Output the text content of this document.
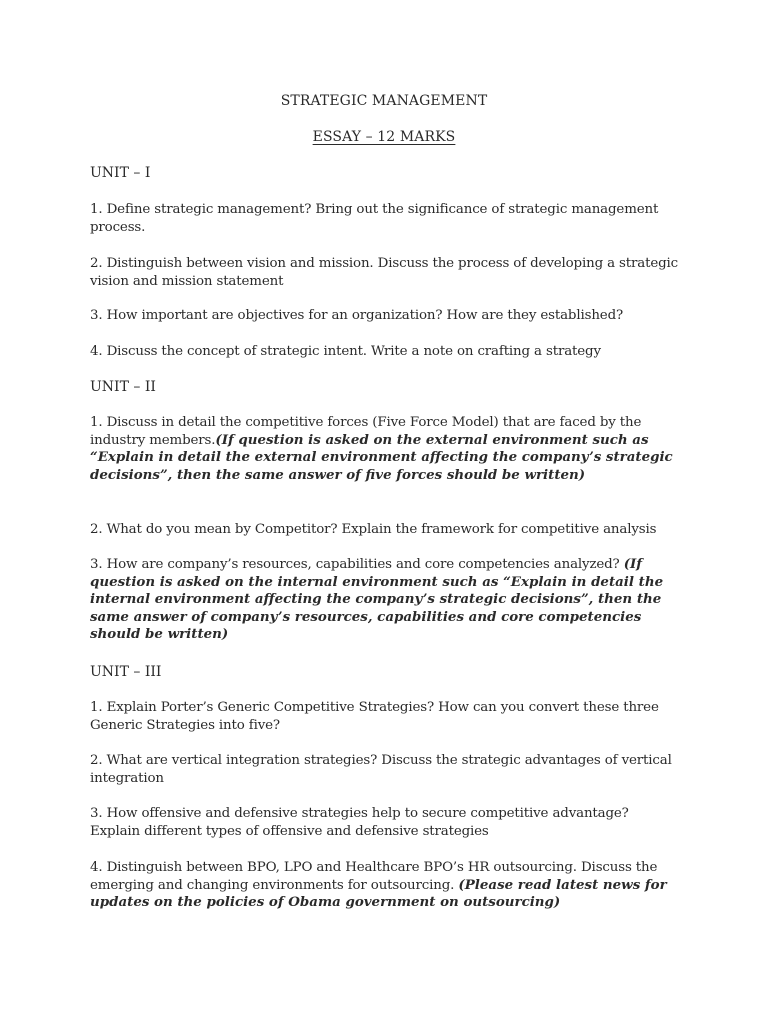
STRATEGIC MANAGEMENT
ESSAY – 12 MARKS
UNIT – I
1. Define strategic management? Bring out the significance of strategic management process.
2. Distinguish between vision and mission. Discuss the process of developing a strategic vision and mission statement
3. How important are objectives for an organization? How are they established?
4. Discuss the concept of strategic intent. Write a note on crafting a strategy
UNIT – II
1. Discuss in detail the competitive forces (Five Force Model) that are faced by the industry members.(If question is asked on the external environment such as “Explain in detail the external environment affecting the company’s strategic decisions”, then the same answer of five forces should be written)
2. What do you mean by Competitor? Explain the framework for competitive analysis
3. How are company’s resources, capabilities and core competencies analyzed? (If question is asked on the internal environment such as “Explain in detail the internal environment affecting the company’s strategic decisions”, then the same answer of company’s resources, capabilities and core competencies should be written)
UNIT – III
1. Explain Porter’s Generic Competitive Strategies? How can you convert these three Generic Strategies into five?
2. What are vertical integration strategies? Discuss the strategic advantages of vertical integration
3. How offensive and defensive strategies help to secure competitive advantage? Explain different types of offensive and defensive strategies
4. Distinguish between BPO, LPO and Healthcare BPO’s HR outsourcing. Discuss the emerging and changing environments for outsourcing. (Please read latest news for updates on the policies of Obama government on outsourcing)
